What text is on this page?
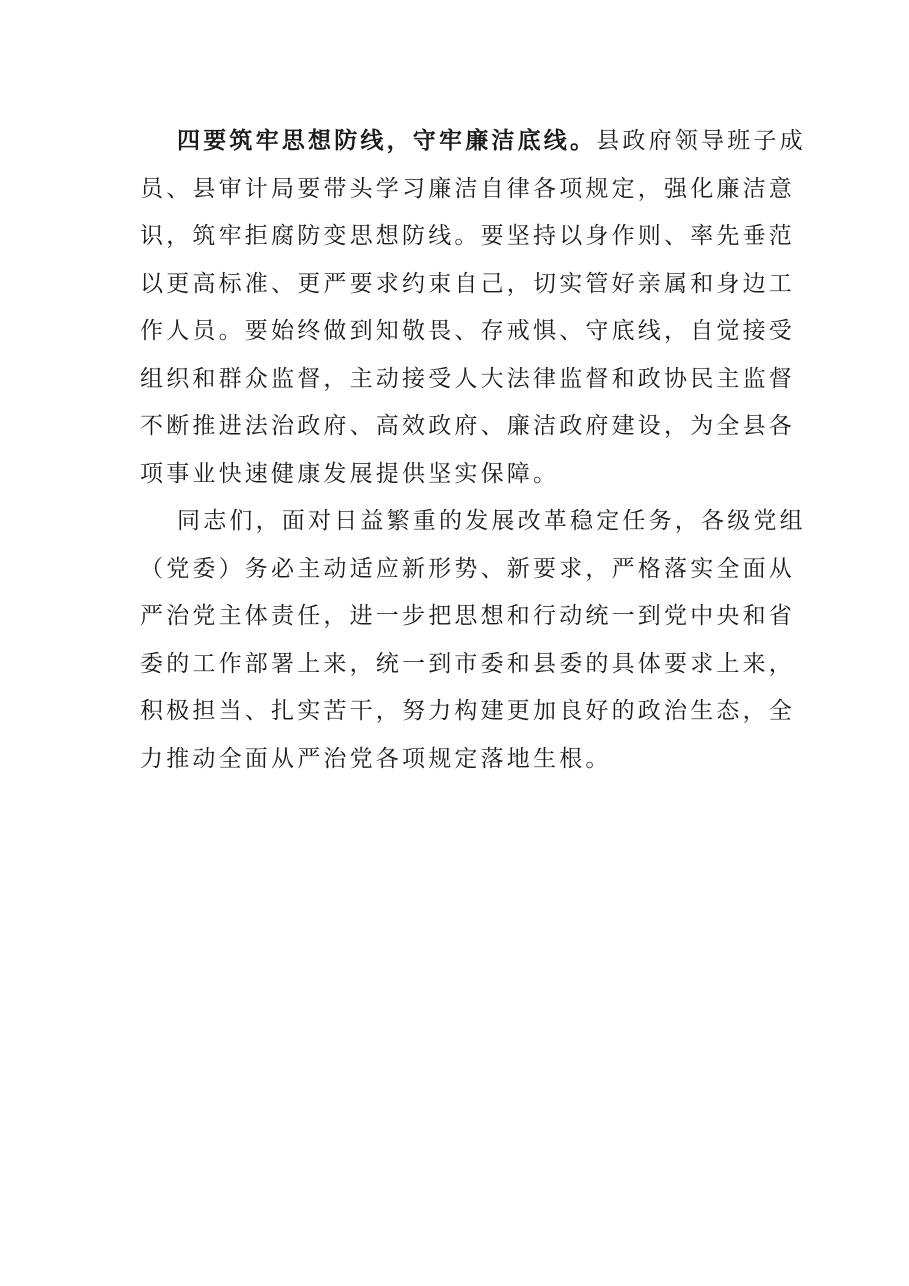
四要筑牢思想防线，守牢廉洁底线。县政府领导班子成
员、县审计局要带头学习廉洁自律各项规定，强化廉洁意
识，筑牢拒腐防变思想防线。要坚持以身作则、率先垂范
以更高标准、更严要求约束自己，切实管好亲属和身边工
作人员。要始终做到知敬畏、存戒惧、守底线，自觉接受
组织和群众监督，主动接受人大法律监督和政协民主监督
不断推进法治政府、高效政府、廉洁政府建设，为全县各
项事业快速健康发展提供坚实保障。
同志们，面对日益繁重的发展改革稳定任务，各级党组
（党委）务必主动适应新形势、新要求，严格落实全面从
严治党主体责任，进一步把思想和行动统一到党中央和省
委的工作部署上来，统一到市委和县委的具体要求上来，
积极担当、扎实苦干，努力构建更加良好的政治生态，全
力推动全面从严治党各项规定落地生根。
